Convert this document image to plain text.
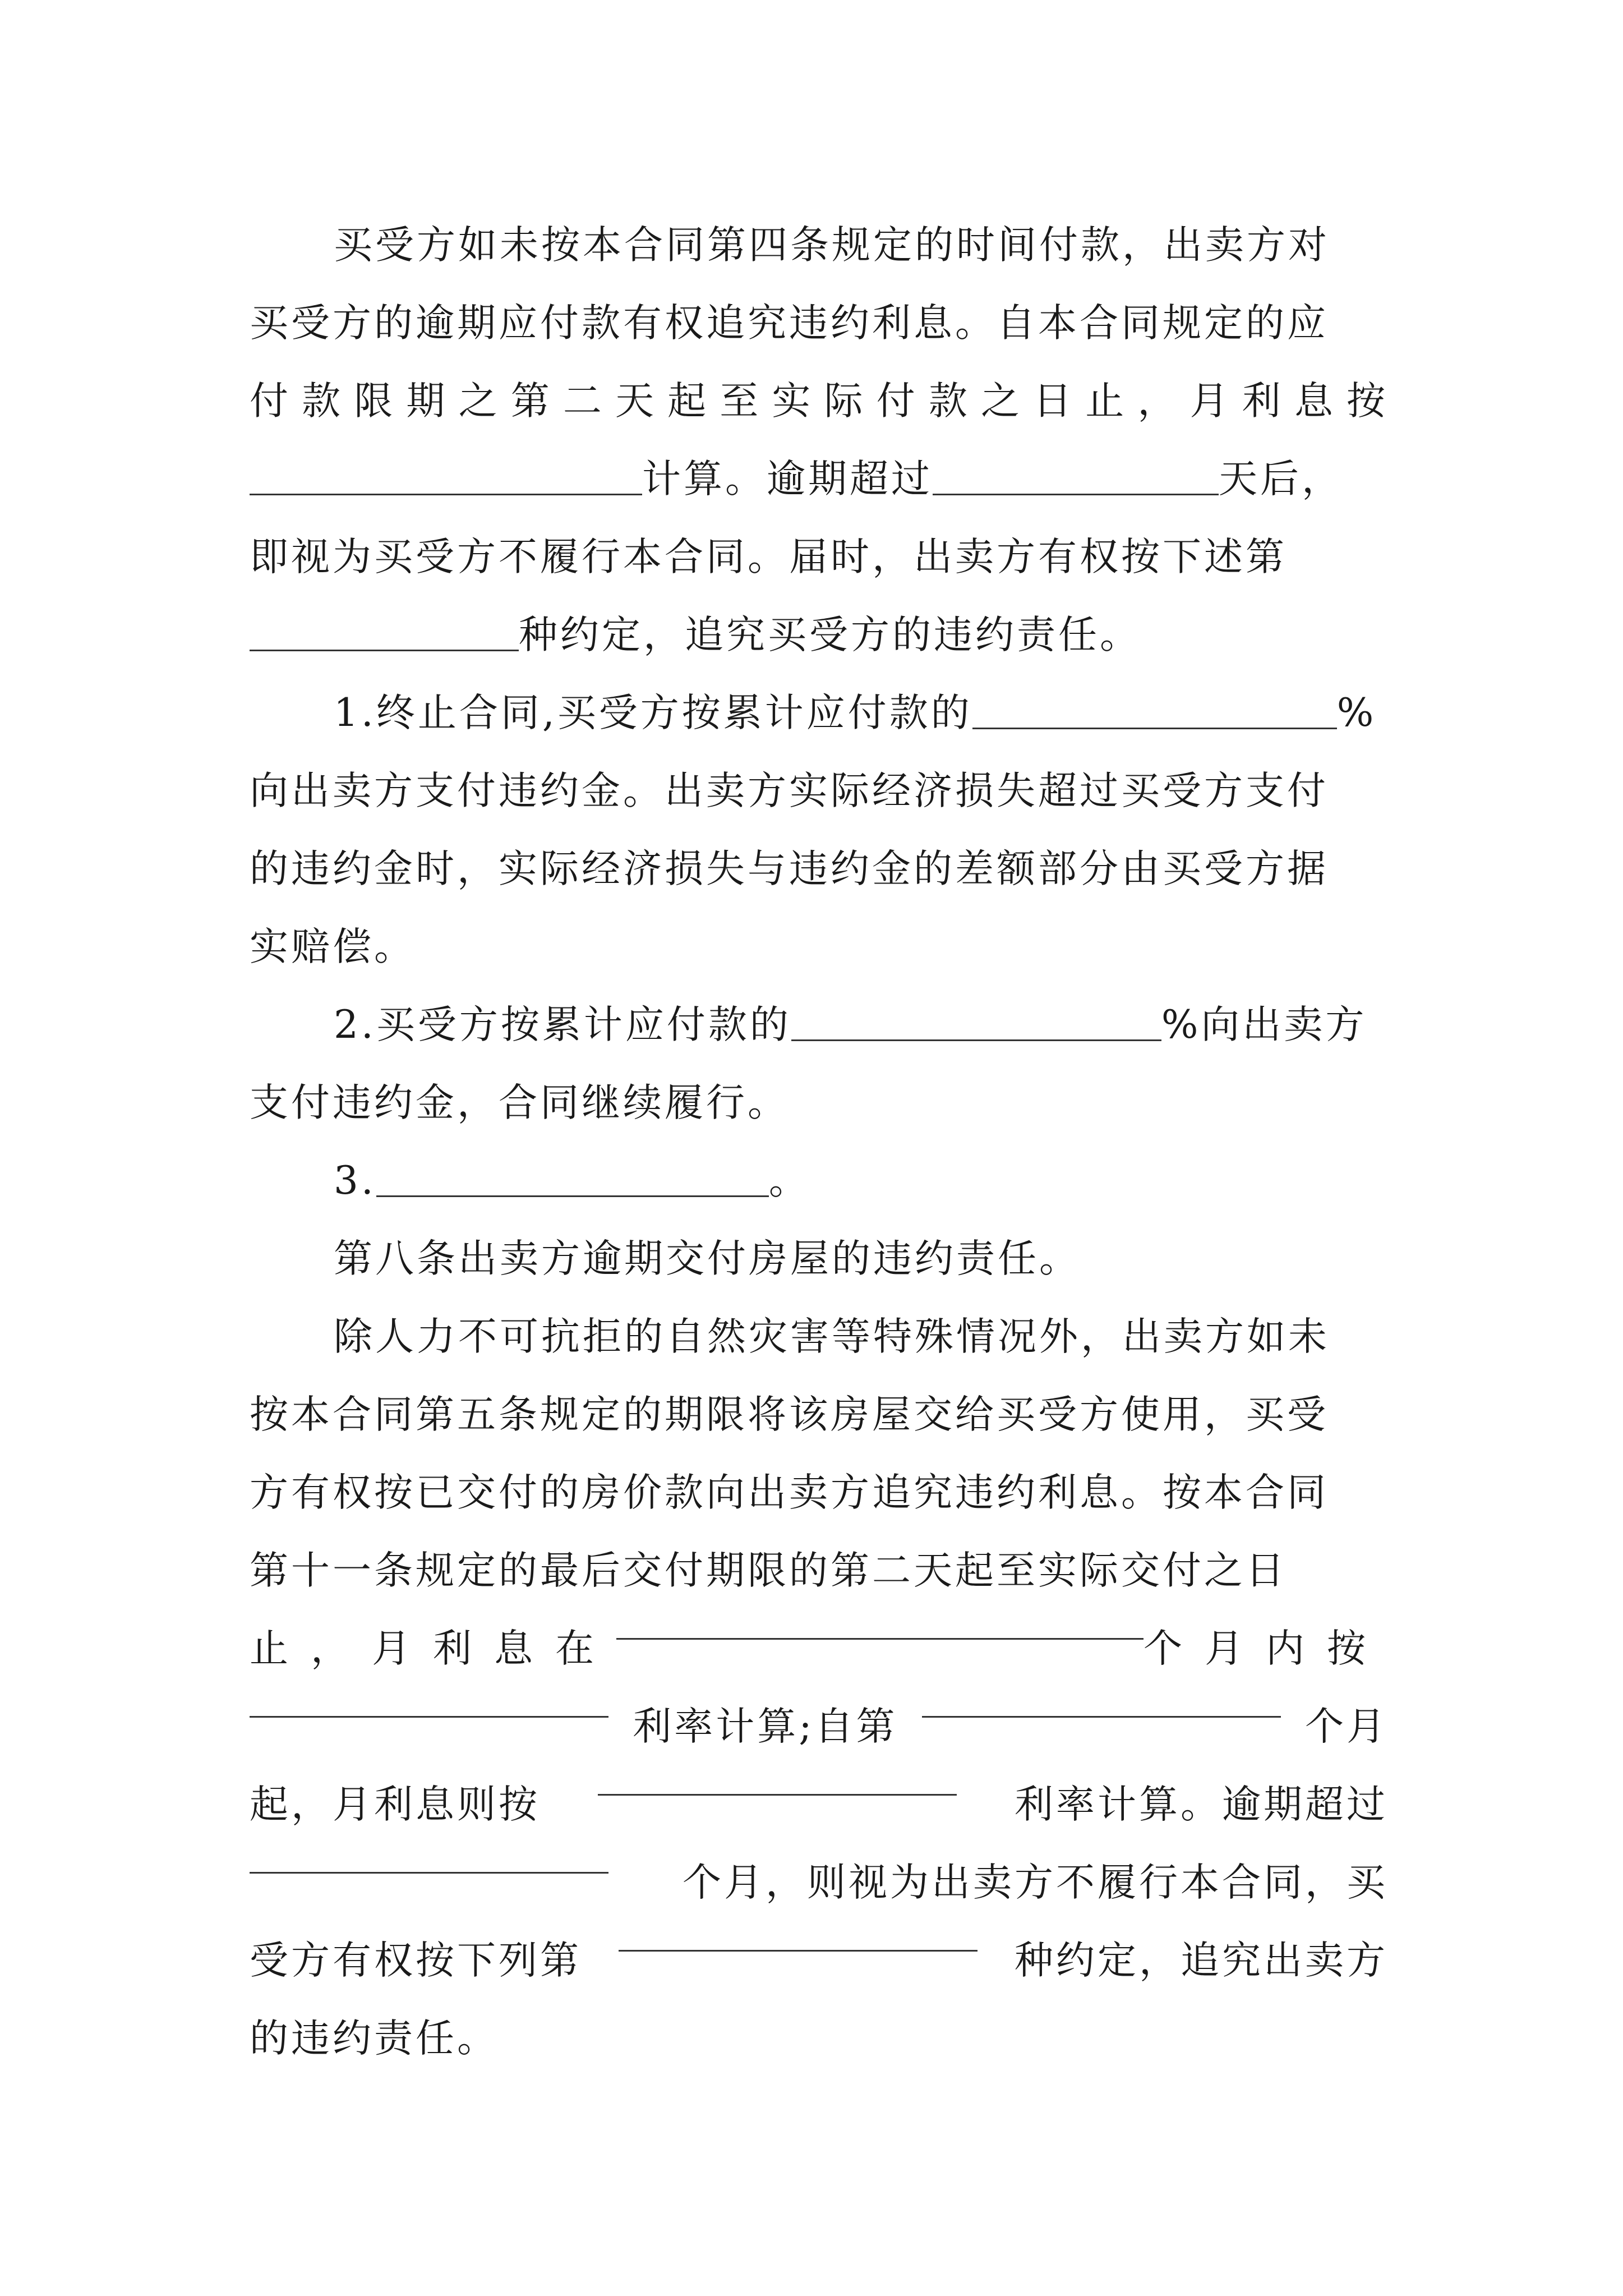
买受方如未按本合同第四条规定的时间付款，出卖方对
买受方的逾期应付款有权追究违约利息。自本合同规定的应
付 款 限 期 之 第 二 天 起 至 实 际 付 款 之 日 止 ， 月 利 息 按
计算。逾期超过	天后，
即视为买受方不履行本合同。届时，出卖方有权按下述第
种约定，追究买受方的违约责任。
1.终止合同,买受方按累计应付款的	%
向出卖方支付违约金。出卖方实际经济损失超过买受方支付
的违约金时，实际经济损失与违约金的差额部分由买受方据
实赔偿。
2.买受方按累计应付款的	%向出卖方
支付违约金，合同继续履行。
3.	。
第八条出卖方逾期交付房屋的违约责任。
除人力不可抗拒的自然灾害等特殊情况外，出卖方如未
按本合同第五条规定的期限将该房屋交给买受方使用，买受
方有权按已交付的房价款向出卖方追究违约利息。按本合同
第十一条规定的最后交付期限的第二天起至实际交付之日
止，月利息在	个月内按
利率计算;自第	个月
起，月利息则按	利率计算。逾期超过
个月，则视为出卖方不履行本合同，买
受方有权按下列第	种约定，追究出卖方
的违约责任。
